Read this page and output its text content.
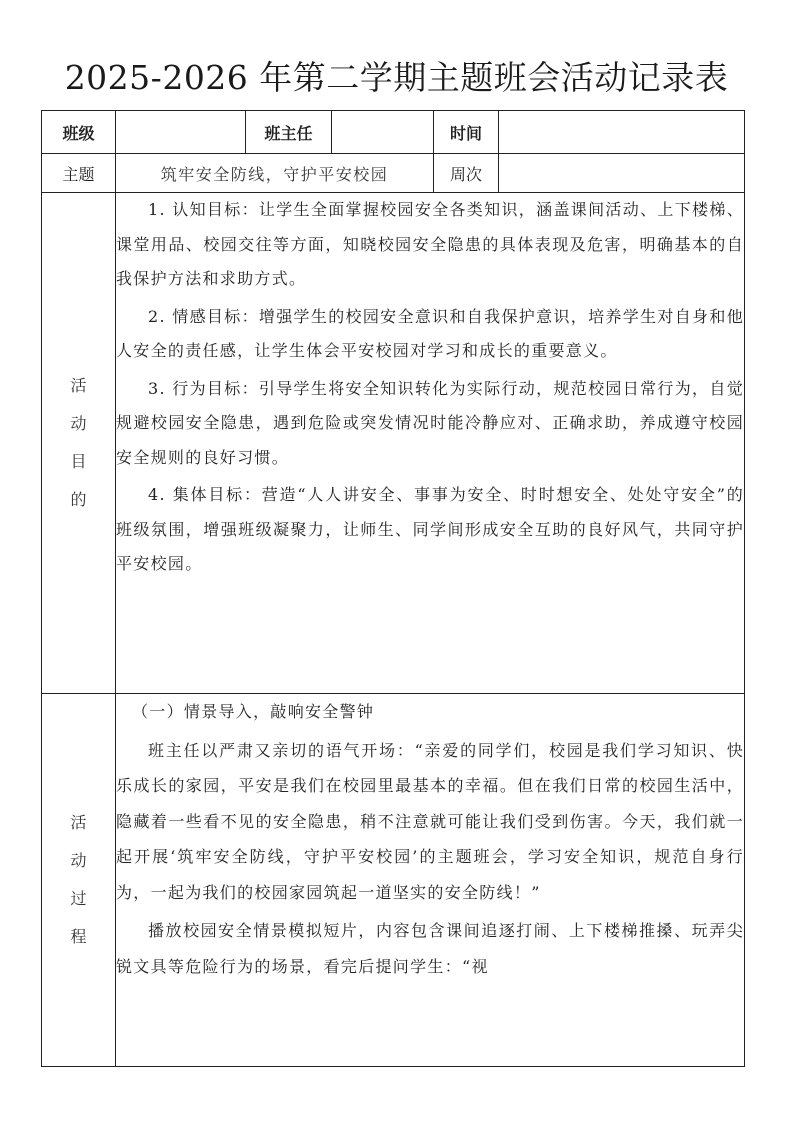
2025-2026 年第二学期主题班会活动记录表
班级		班主任		时间	
主题	筑牢安全防线，守护平安校园			周次	

活
动
目
的

1. 认知目标：让学生全面掌握校园安全各类知识，涵盖课间活动、上下楼梯、课堂用品、校园交往等方面，知晓校园安全隐患的具体表现及危害，明确基本的自我保护方法和求助方式。

2. 情感目标：增强学生的校园安全意识和自我保护意识，培养学生对自身和他人安全的责任感，让学生体会平安校园对学习和成长的重要意义。

3. 行为目标：引导学生将安全知识转化为实际行动，规范校园日常行为，自觉规避校园安全隐患，遇到危险或突发情况时能冷静应对、正确求助，养成遵守校园安全规则的良好习惯。

4. 集体目标：营造“人人讲安全、事事为安全、时时想安全、处处守安全”的班级氛围，增强班级凝聚力，让师生、同学间形成安全互助的良好风气，共同守护平安校园。

活
动
过
程

（一）情景导入，敲响安全警钟

班主任以严肃又亲切的语气开场：“亲爱的同学们，校园是我们学习知识、快乐成长的家园，平安是我们在校园里最基本的幸福。但在我们日常的校园生活中，隐藏着一些看不见的安全隐患，稍不注意就可能让我们受到伤害。今天，我们就一起开展‘筑牢安全防线，守护平安校园’的主题班会，学习安全知识，规范自身行为，一起为我们的校园家园筑起一道坚实的安全防线！”

播放校园安全情景模拟短片，内容包含课间追逐打闹、上下楼梯推搡、玩弄尖锐文具等危险行为的场景，看完后提问学生：“视
